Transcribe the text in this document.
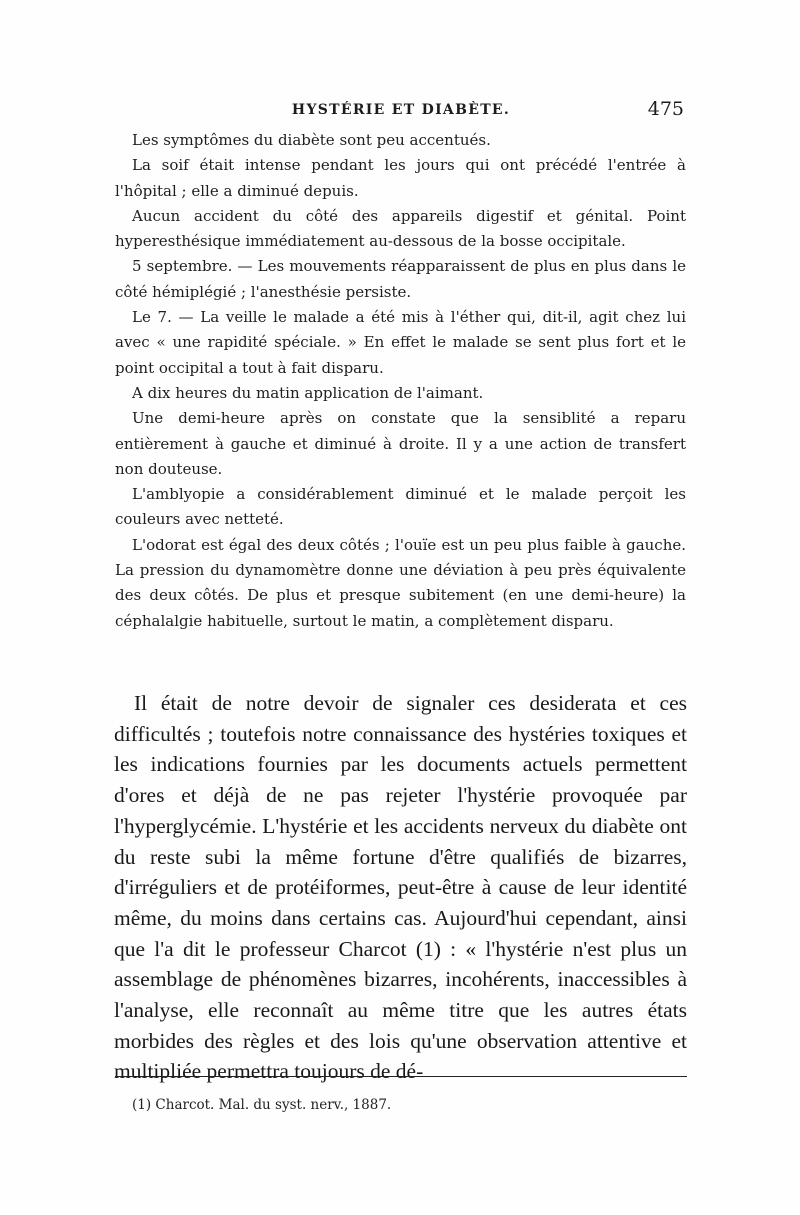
HYSTÉRIE ET DIABÈTE.	475

Les symptômes du diabète sont peu accentués.

La soif était intense pendant les jours qui ont précédé l'entrée à l'hôpital ; elle a diminué depuis.

Aucun accident du côté des appareils digestif et génital. Point hyperesthésique immédiatement au-dessous de la bosse occipitale.

5 septembre. — Les mouvements réapparaissent de plus en plus dans le côté hémiplégié ; l'anesthésie persiste.

Le 7. — La veille le malade a été mis à l'éther qui, dit-il, agit chez lui avec « une rapidité spéciale. » En effet le malade se sent plus fort et le point occipital a tout à fait disparu.

A dix heures du matin application de l'aimant.

Une demi-heure après on constate que la sensiblité a reparu entièrement à gauche et diminué à droite. Il y a une action de transfert non douteuse.

L'amblyopie a considérablement diminué et le malade perçoit les couleurs avec netteté.

L'odorat est égal des deux côtés ; l'ouïe est un peu plus faible à gauche. La pression du dynamomètre donne une déviation à peu près équivalente des deux côtés. De plus et presque subitement (en une demi-heure) la céphalalgie habituelle, surtout le matin, a complètement disparu.

Il était de notre devoir de signaler ces desiderata et ces difficultés ; toutefois notre connaissance des hystéries toxiques et les indications fournies par les documents actuels permettent d'ores et déjà de ne pas rejeter l'hystérie provoquée par l'hyperglycémie. L'hystérie et les accidents nerveux du diabète ont du reste subi la même fortune d'être qualifiés de bizarres, d'irréguliers et de protéiformes, peut-être à cause de leur identité même, du moins dans certains cas. Aujourd'hui cependant, ainsi que l'a dit le professeur Charcot (1) : « l'hystérie n'est plus un assemblage de phénomènes bizarres, incohérents, inaccessibles à l'analyse, elle reconnaît au même titre que les autres états morbides des règles et des lois qu'une observation attentive et multipliée permettra toujours de dé-

(1) Charcot. Mal. du syst. nerv., 1887.
